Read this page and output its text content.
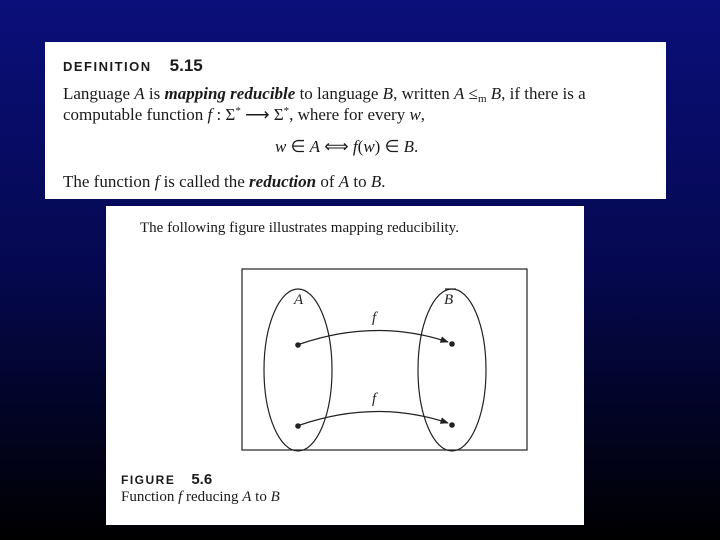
DEFINITION 5.15
Language A is mapping reducible to language B, written $A \le_m$ B, if there is a
computable function f : Σ* ⟶ Σ*, where for every w,
w ∈ A ⟺ f(w) ∈ B.
The function f is called the reduction of A to B.
The following figure illustrates mapping reducibility.
A	B
f
f
FIGURE 5.6
Function f reducing A to B
